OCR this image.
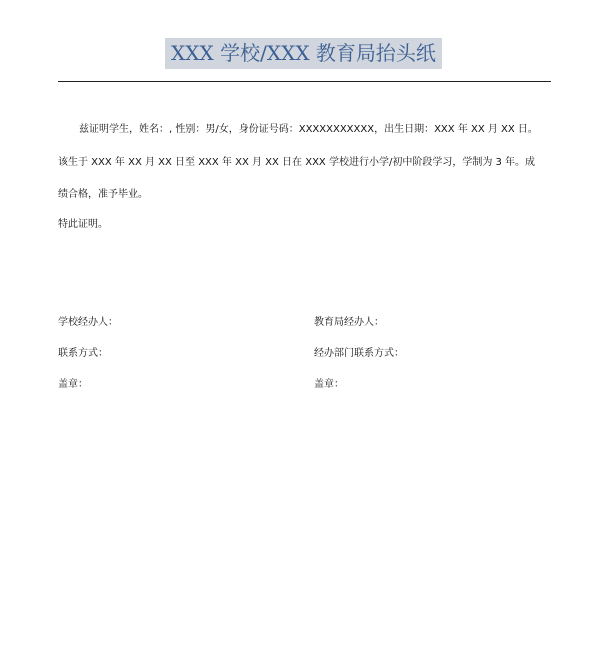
XXX 学校/XXX 教育局抬头纸
兹证明学生，姓名：, 性别：男/女，身份证号码：XXXXXXXXXXX，出生日期：XXX 年 XX 月 XX 日。
该生于 XXX 年 XX 月 XX 日至 XXX 年 XX 月 XX 日在 XXX 学校进行小学/初中阶段学习，学制为 3 年。成
绩合格，准予毕业。
特此证明。
学校经办人：
联系方式：
盖章：
教育局经办人：
经办部门联系方式：
盖章：
